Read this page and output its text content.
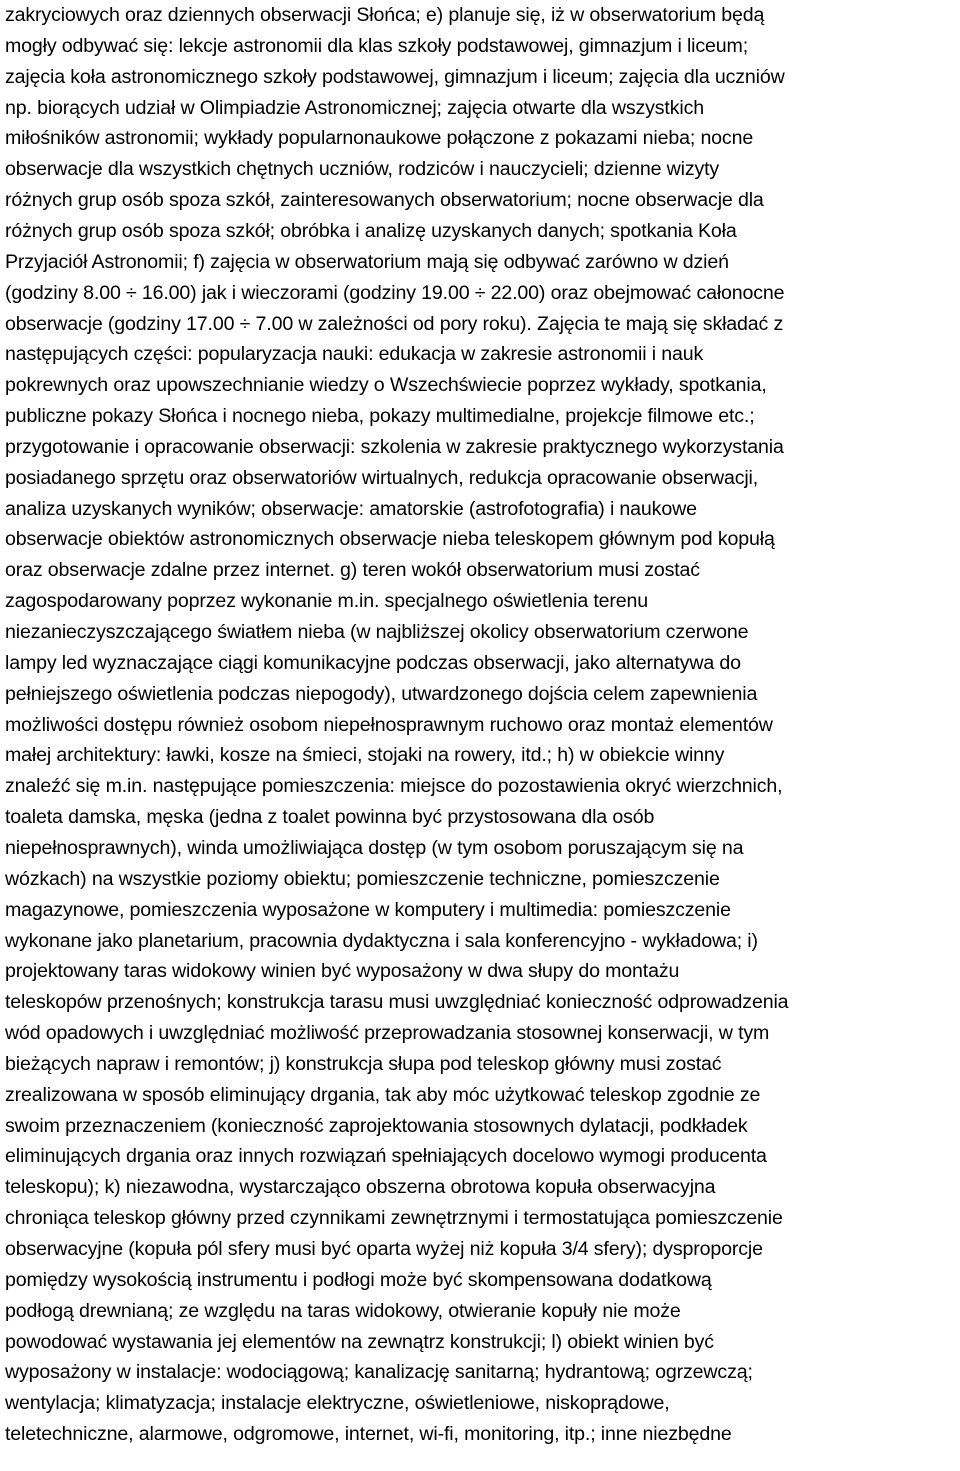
zakryciowych oraz dziennych obserwacji Słońca; e) planuje się, iż w obserwatorium będą
mogły odbywać się: lekcje astronomii dla klas szkoły podstawowej, gimnazjum i liceum;
zajęcia koła astronomicznego szkoły podstawowej, gimnazjum i liceum; zajęcia dla uczniów
np. biorących udział w Olimpiadzie Astronomicznej; zajęcia otwarte dla wszystkich
miłośników astronomii; wykłady popularnonaukowe połączone z pokazami nieba; nocne
obserwacje dla wszystkich chętnych uczniów, rodziców i nauczycieli; dzienne wizyty
różnych grup osób spoza szkół, zainteresowanych obserwatorium; nocne obserwacje dla
różnych grup osób spoza szkół; obróbka i analizę uzyskanych danych; spotkania Koła
Przyjaciół Astronomii; f) zajęcia w obserwatorium mają się odbywać zarówno w dzień
(godziny 8.00 ÷ 16.00) jak i wieczorami (godziny 19.00 ÷ 22.00) oraz obejmować całonocne
obserwacje (godziny 17.00 ÷ 7.00 w zależności od pory roku). Zajęcia te mają się składać z
następujących części: popularyzacja nauki: edukacja w zakresie astronomii i nauk
pokrewnych oraz upowszechnianie wiedzy o Wszechświecie poprzez wykłady, spotkania,
publiczne pokazy Słońca i nocnego nieba, pokazy multimedialne, projekcje filmowe etc.;
przygotowanie i opracowanie obserwacji: szkolenia w zakresie praktycznego wykorzystania
posiadanego sprzętu oraz obserwatoriów wirtualnych, redukcja opracowanie obserwacji,
analiza uzyskanych wyników; obserwacje: amatorskie (astrofotografia) i naukowe
obserwacje obiektów astronomicznych obserwacje nieba teleskopem głównym pod kopułą
oraz obserwacje zdalne przez internet. g) teren wokół obserwatorium musi zostać
zagospodarowany poprzez wykonanie m.in. specjalnego oświetlenia terenu
niezanieczyszczającego światłem nieba (w najbliższej okolicy obserwatorium czerwone
lampy led wyznaczające ciągi komunikacyjne podczas obserwacji, jako alternatywa do
pełniejszego oświetlenia podczas niepogody), utwardzonego dojścia celem zapewnienia
możliwości dostępu również osobom niepełnosprawnym ruchowo oraz montaż elementów
małej architektury: ławki, kosze na śmieci, stojaki na rowery, itd.; h) w obiekcie winny
znaleźć się m.in. następujące pomieszczenia: miejsce do pozostawienia okryć wierzchnich,
toaleta damska, męska (jedna z toalet powinna być przystosowana dla osób
niepełnosprawnych), winda umożliwiająca dostęp (w tym osobom poruszającym się na
wózkach) na wszystkie poziomy obiektu; pomieszczenie techniczne, pomieszczenie
magazynowe, pomieszczenia wyposażone w komputery i multimedia: pomieszczenie
wykonane jako planetarium, pracownia dydaktyczna i sala konferencyjno - wykładowa; i)
projektowany taras widokowy winien być wyposażony w dwa słupy do montażu
teleskopów przenośnych; konstrukcja tarasu musi uwzględniać konieczność odprowadzenia
wód opadowych i uwzględniać możliwość przeprowadzania stosownej konserwacji, w tym
bieżących napraw i remontów; j) konstrukcja słupa pod teleskop główny musi zostać
zrealizowana w sposób eliminujący drgania, tak aby móc użytkować teleskop zgodnie ze
swoim przeznaczeniem (konieczność zaprojektowania stosownych dylatacji, podkładek
eliminujących drgania oraz innych rozwiązań spełniających docelowo wymogi producenta
teleskopu); k) niezawodna, wystarczająco obszerna obrotowa kopuła obserwacyjna
chroniąca teleskop główny przed czynnikami zewnętrznymi i termostatująca pomieszczenie
obserwacyjne (kopuła pól sfery musi być oparta wyżej niż kopuła 3/4 sfery); dysproporcje
pomiędzy wysokością instrumentu i podłogi może być skompensowana dodatkową
podłogą drewnianą; ze względu na taras widokowy, otwieranie kopuły nie może
powodować wystawania jej elementów na zewnątrz konstrukcji; l) obiekt winien być
wyposażony w instalacje: wodociągową; kanalizację sanitarną; hydrantową; ogrzewczą;
wentylacja; klimatyzacja; instalacje elektryczne, oświetleniowe, niskoprądowe,
teletechniczne, alarmowe, odgromowe, internet, wi-fi, monitoring, itp.; inne niezbędne
